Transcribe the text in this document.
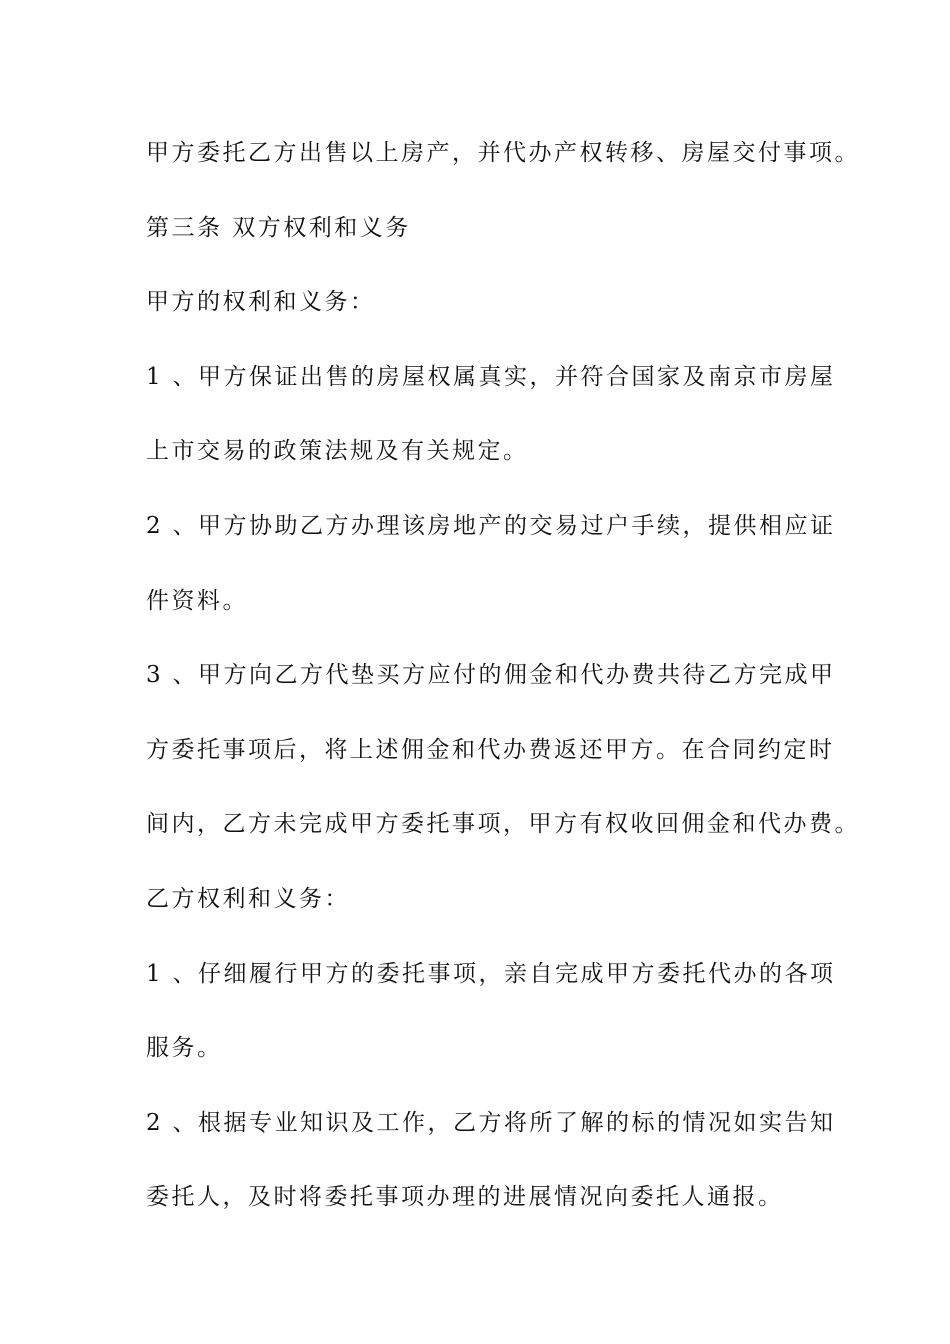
甲方委托乙方出售以上房产，并代办产权转移、房屋交付事项。
第三条 双方权利和义务
甲方的权利和义务：
1、甲方保证出售的房屋权属真实，并符合国家及南京市房屋
上市交易的政策法规及有关规定。
2、甲方协助乙方办理该房地产的交易过户手续，提供相应证
件资料。
3、甲方向乙方代垫买方应付的佣金和代办费共待乙方完成甲
方委托事项后，将上述佣金和代办费返还甲方。在合同约定时
间内，乙方未完成甲方委托事项，甲方有权收回佣金和代办费。
乙方权利和义务：
1、仔细履行甲方的委托事项，亲自完成甲方委托代办的各项
服务。
2、根据专业知识及工作，乙方将所了解的标的情况如实告知
委托人，及时将委托事项办理的进展情况向委托人通报。
